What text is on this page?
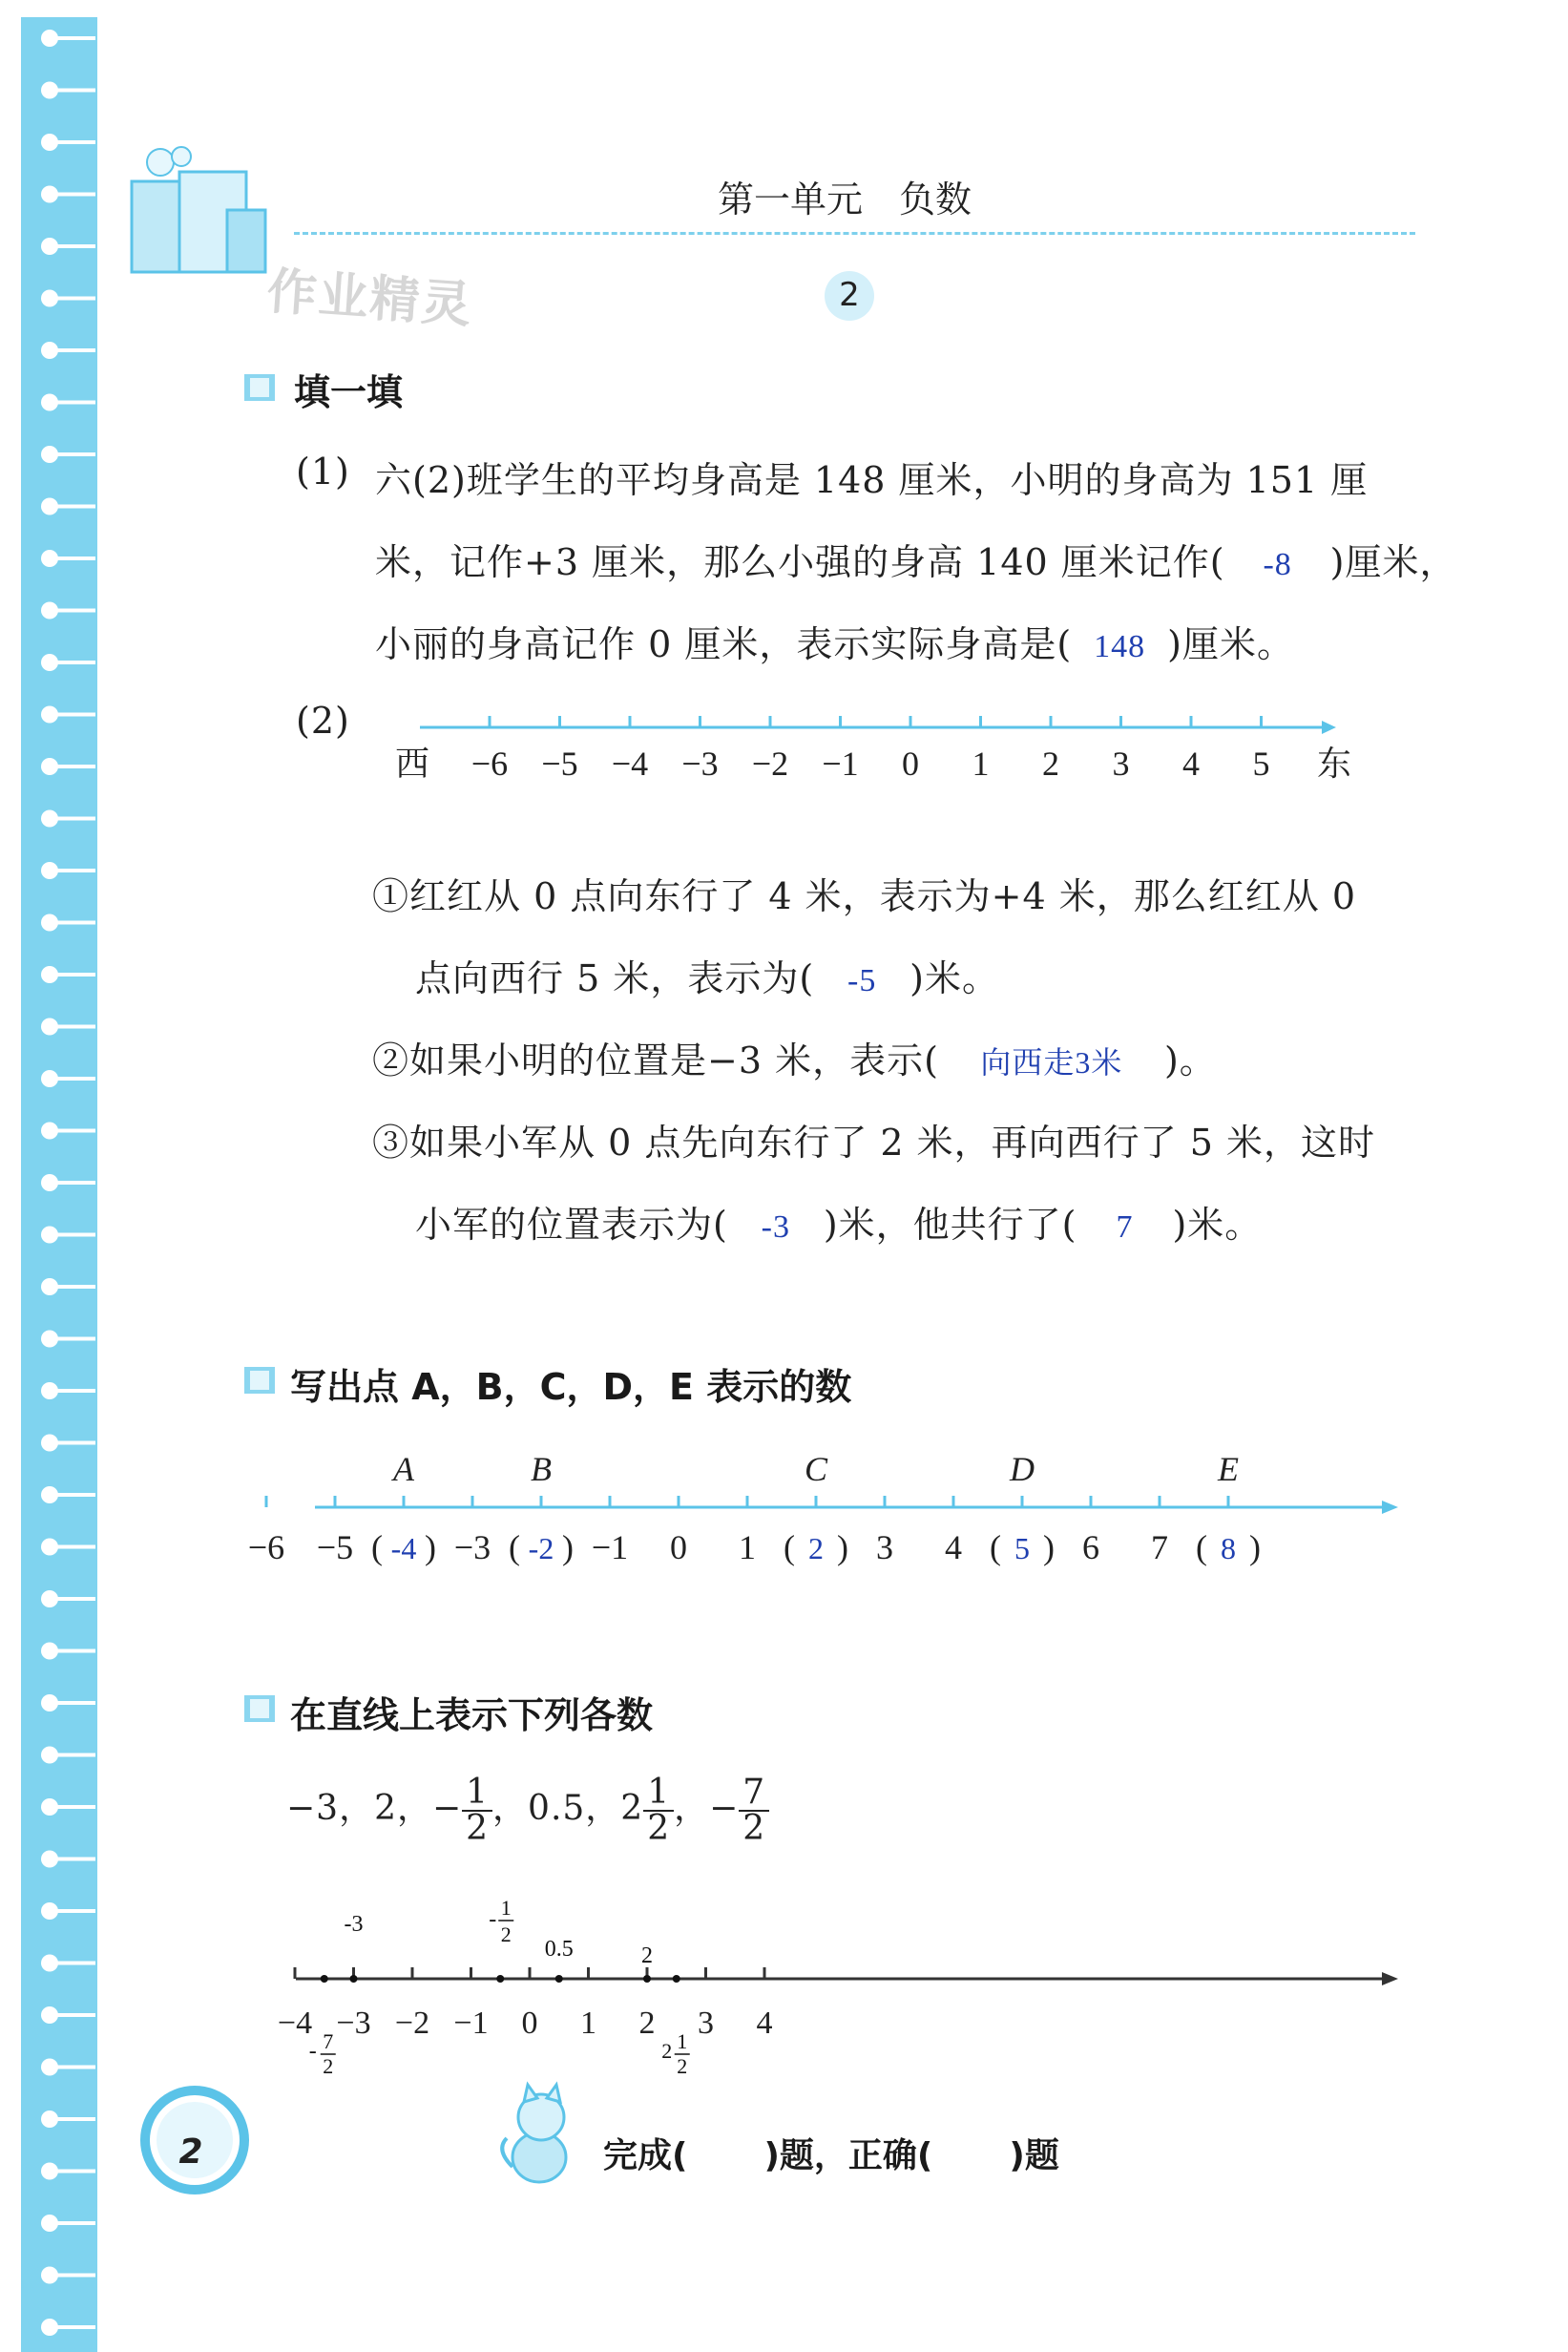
作业精灵
第一单元　负数
2
填一填
(1) 六(2)班学生的平均身高是 148 厘米，小明的身高为 151 厘
米，记作+3 厘米，那么小强的身高 140 厘米记作( -8 )厘米，
小丽的身高记作 0 厘米，表示实际身高是( 148 )厘米。
(2)
西	东
−6 −5 −4 −3 −2 −1 0 1 2 3 4 5
①红红从 0 点向东行了 4 米，表示为+4 米，那么红红从 0
点向西行 5 米，表示为( -5 )米。
②如果小明的位置是−3 米，表示( 向西走3米 )。
③如果小军从 0 点先向东行了 2 米，再向西行了 5 米，这时
小军的位置表示为( -3 )米，他共行了( 7 )米。
写出点 A，B，C，D，E 表示的数
−6 −5	−3	−1 0 1	3 4	6 7
A
( -4 )
B
( -2 )
C
( 2 )
D
( 5 )
E
( 8 )
在直线上表示下列各数
−3，2，− $\frac{1}{2}$ ，0.5，$2 \frac{1}{2}$ ，− $\frac{7}{2}$
−4 −3 −2 −1 0 1 2 3 4
- 7
2
-3	- 1
2
0.5	2
2 1
2
2	完成( )题，正确( )题
